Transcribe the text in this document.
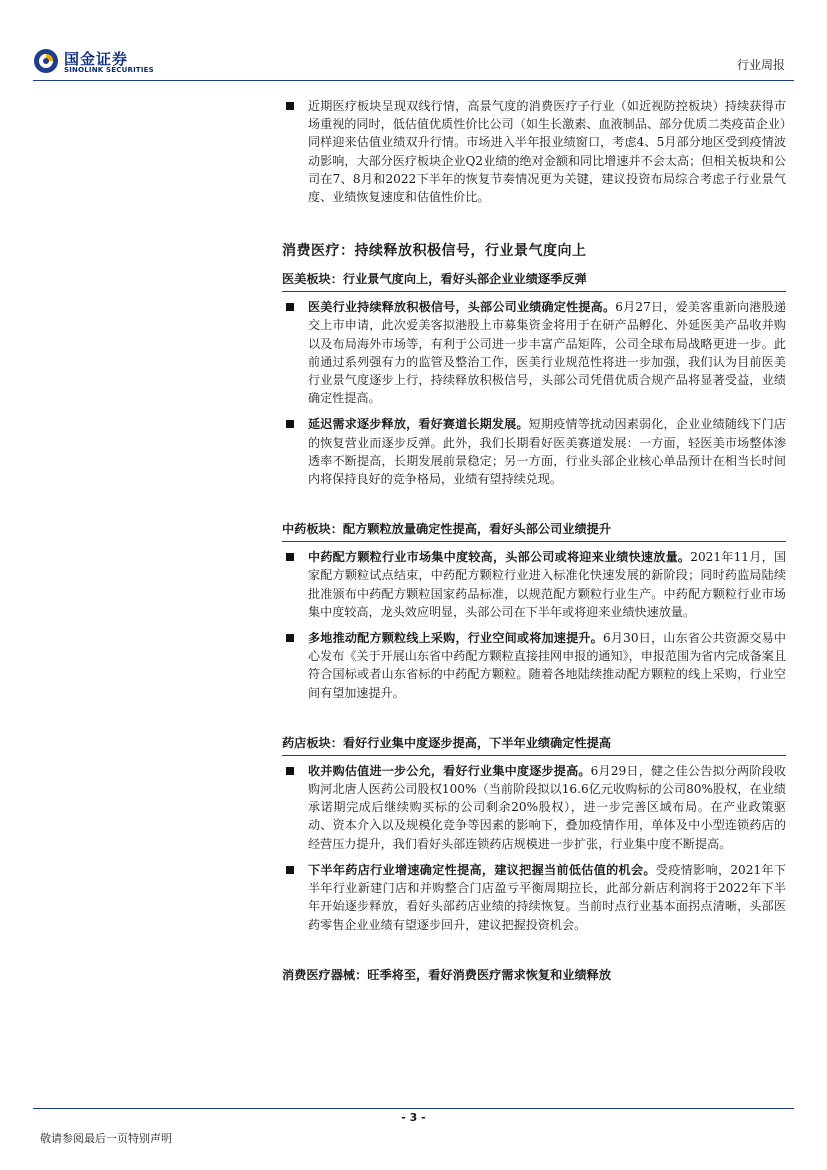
国金证券
SINOLINK SECURITIES	行业周报
近期医疗板块呈现双线行情，高景气度的消费医疗子行业（如近视防控板块）持续获得市场重视的同时，低估值优质性价比公司（如生长激素、血液制品、部分优质二类疫苗企业）同样迎来估值业绩双升行情。市场进入半年报业绩窗口，考虑4、5月部分地区受到疫情波动影响，大部分医疗板块企业Q2业绩的绝对金额和同比增速并不会太高；但相关板块和公司在7、8月和2022下半年的恢复节奏情况更为关键，建议投资布局综合考虑子行业景气度、业绩恢复速度和估值性价比。
消费医疗：持续释放积极信号，行业景气度向上
医美板块：行业景气度向上，看好头部企业业绩逐季反弹
医美行业持续释放积极信号，头部公司业绩确定性提高。6月27日，爱美客重新向港股递交上市申请，此次爱美客拟港股上市募集资金将用于在研产品孵化、外延医美产品收并购以及布局海外市场等，有利于公司进一步丰富产品矩阵，公司全球布局战略更进一步。此前通过系列强有力的监管及整治工作，医美行业规范性将进一步加强，我们认为目前医美行业景气度逐步上行，持续释放积极信号，头部公司凭借优质合规产品将显著受益，业绩确定性提高。
延迟需求逐步释放，看好赛道长期发展。短期疫情等扰动因素弱化，企业业绩随线下门店的恢复营业而逐步反弹。此外，我们长期看好医美赛道发展：一方面，轻医美市场整体渗透率不断提高，长期发展前景稳定；另一方面，行业头部企业核心单品预计在相当长时间内将保持良好的竞争格局，业绩有望持续兑现。
中药板块：配方颗粒放量确定性提高，看好头部公司业绩提升
中药配方颗粒行业市场集中度较高，头部公司或将迎来业绩快速放量。2021年11月，国家配方颗粒试点结束，中药配方颗粒行业进入标准化快速发展的新阶段；同时药监局陆续批准颁布中药配方颗粒国家药品标准，以规范配方颗粒行业生产。中药配方颗粒行业市场集中度较高，龙头效应明显，头部公司在下半年或将迎来业绩快速放量。
多地推动配方颗粒线上采购，行业空间或将加速提升。6月30日，山东省公共资源交易中心发布《关于开展山东省中药配方颗粒直接挂网申报的通知》，申报范围为省内完成备案且符合国标或者山东省标的中药配方颗粒。随着各地陆续推动配方颗粒的线上采购，行业空间有望加速提升。
药店板块：看好行业集中度逐步提高，下半年业绩确定性提高
收并购估值进一步公允，看好行业集中度逐步提高。6月29日，健之佳公告拟分两阶段收购河北唐人医药公司股权100%（当前阶段拟以16.6亿元收购标的公司80%股权，在业绩承诺期完成后继续购买标的公司剩余20%股权），进一步完善区域布局。在产业政策驱动、资本介入以及规模化竞争等因素的影响下，叠加疫情作用，单体及中小型连锁药店的经营压力提升，我们看好头部连锁药店规模进一步扩张，行业集中度不断提高。
下半年药店行业增速确定性提高，建议把握当前低估值的机会。受疫情影响，2021年下半年行业新建门店和并购整合门店盈亏平衡周期拉长，此部分新店利润将于2022年下半年开始逐步释放，看好头部药店业绩的持续恢复。当前时点行业基本面拐点清晰，头部医药零售企业业绩有望逐步回升，建议把握投资机会。
消费医疗器械：旺季将至，看好消费医疗需求恢复和业绩释放
- 3 -
敬请参阅最后一页特别声明
